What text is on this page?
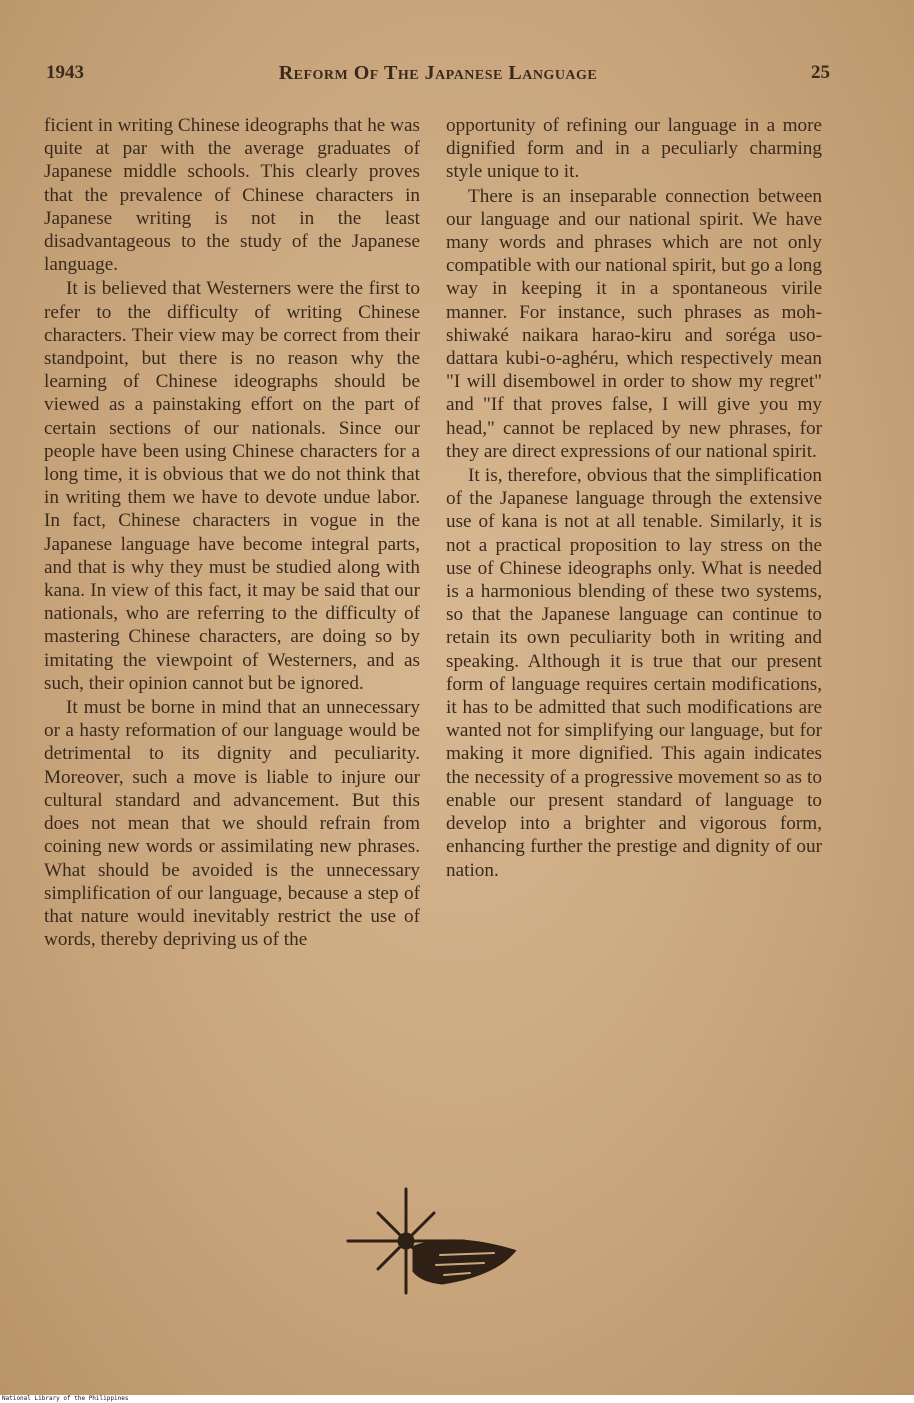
1943	Reform Of The Japanese Language	25

ficient in writing Chinese ideographs that he was quite at par with the average graduates of Japanese middle schools. This clearly proves that the prevalence of Chinese characters in Japanese writing is not in the least disadvantageous to the study of the Japanese language.

It is believed that Westerners were the first to refer to the difficulty of writing Chinese characters. Their view may be correct from their standpoint, but there is no reason why the learning of Chinese ideographs should be viewed as a painstaking effort on the part of certain sections of our nationals. Since our people have been using Chinese characters for a long time, it is obvious that we do not think that in writing them we have to devote undue labor. In fact, Chinese characters in vogue in the Japanese language have become integral parts, and that is why they must be studied along with kana. In view of this fact, it may be said that our nationals, who are referring to the difficulty of mastering Chinese characters, are doing so by imitating the viewpoint of Westerners, and as such, their opinion cannot but be ignored.

It must be borne in mind that an unnecessary or a hasty reformation of our language would be detrimental to its dignity and peculiarity. Moreover, such a move is liable to injure our cultural standard and advancement. But this does not mean that we should refrain from coining new words or assimilating new phrases. What should be avoided is the unnecessary simplification of our language, because a step of that nature would inevitably restrict the use of words, thereby depriving us of the

opportunity of refining our language in a more dignified form and in a peculiarly charming style unique to it.

There is an inseparable connection between our language and our national spirit. We have many words and phrases which are not only compatible with our national spirit, but go a long way in keeping it in a spontaneous virile manner. For instance, such phrases as moh-shiwaké naikara harao-kiru and soréga uso-dattara kubi-o-aghéru, which respectively mean "I will disembowel in order to show my regret" and "If that proves false, I will give you my head," cannot be replaced by new phrases, for they are direct expressions of our national spirit.

It is, therefore, obvious that the simplification of the Japanese language through the extensive use of kana is not at all tenable. Similarly, it is not a practical proposition to lay stress on the use of Chinese ideographs only. What is needed is a harmonious blending of these two systems, so that the Japanese language can continue to retain its own peculiarity both in writing and speaking. Although it is true that our present form of language requires certain modifications, it has to be admitted that such modifications are wanted not for simplifying our language, but for making it more dignified. This again indicates the necessity of a progressive movement so as to enable our present standard of language to develop into a brighter and vigorous form, enhancing further the prestige and dignity of our nation.

National Library of the Philippines
